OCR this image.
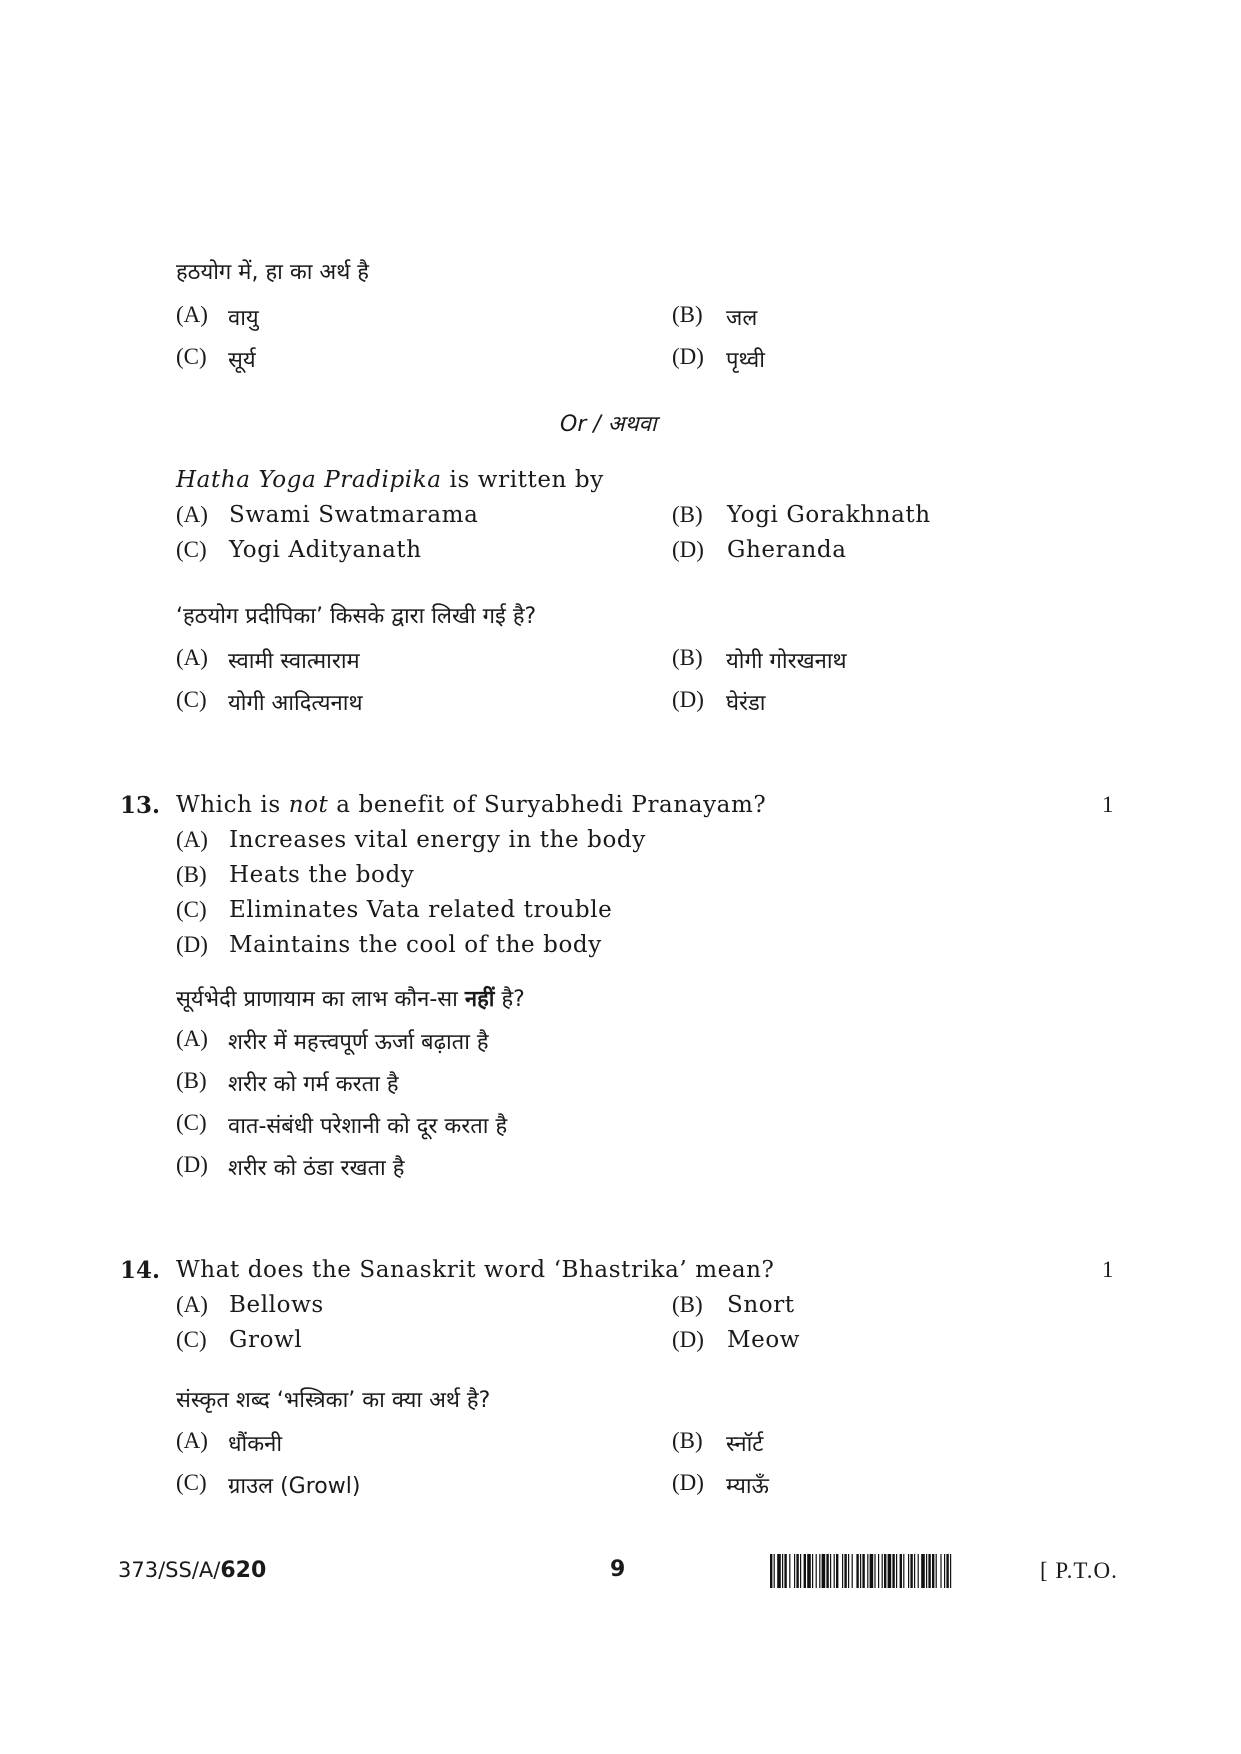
हठयोग में, हा का अर्थ है
(A) वायु	(B) जल
(C) सूर्य	(D) पृथ्वी
Or / अथवा
Hatha Yoga Pradipika is written by
(A) Swami Swatmarama	(B) Yogi Gorakhnath
(C) Yogi Adityanath	(D) Gheranda
‘हठयोग प्रदीपिका’ किसके द्वारा लिखी गई है?
(A) स्वामी स्वात्माराम	(B) योगी गोरखनाथ
(C) योगी आदित्यनाथ	(D) घेरंडा
13. Which is not a benefit of Suryabhedi Pranayam?	1
(A) Increases vital energy in the body
(B) Heats the body
(C) Eliminates Vata related trouble
(D) Maintains the cool of the body
सूर्यभेदी प्राणायाम का लाभ कौन-सा नहीं है?
(A) शरीर में महत्त्वपूर्ण ऊर्जा बढ़ाता है
(B) शरीर को गर्म करता है
(C) वात-संबंधी परेशानी को दूर करता है
(D) शरीर को ठंडा रखता है
14. What does the Sanaskrit word ‘Bhastrika’ mean?	1
(A) Bellows	(B) Snort
(C) Growl	(D) Meow
संस्कृत शब्द ‘भस्त्रिका’ का क्या अर्थ है?
(A) धौंकनी	(B) स्नॉर्ट
(C) ग्राउल (Growl)	(D) म्याऊँ
373/SS/A/620	9	[ P.T.O.
